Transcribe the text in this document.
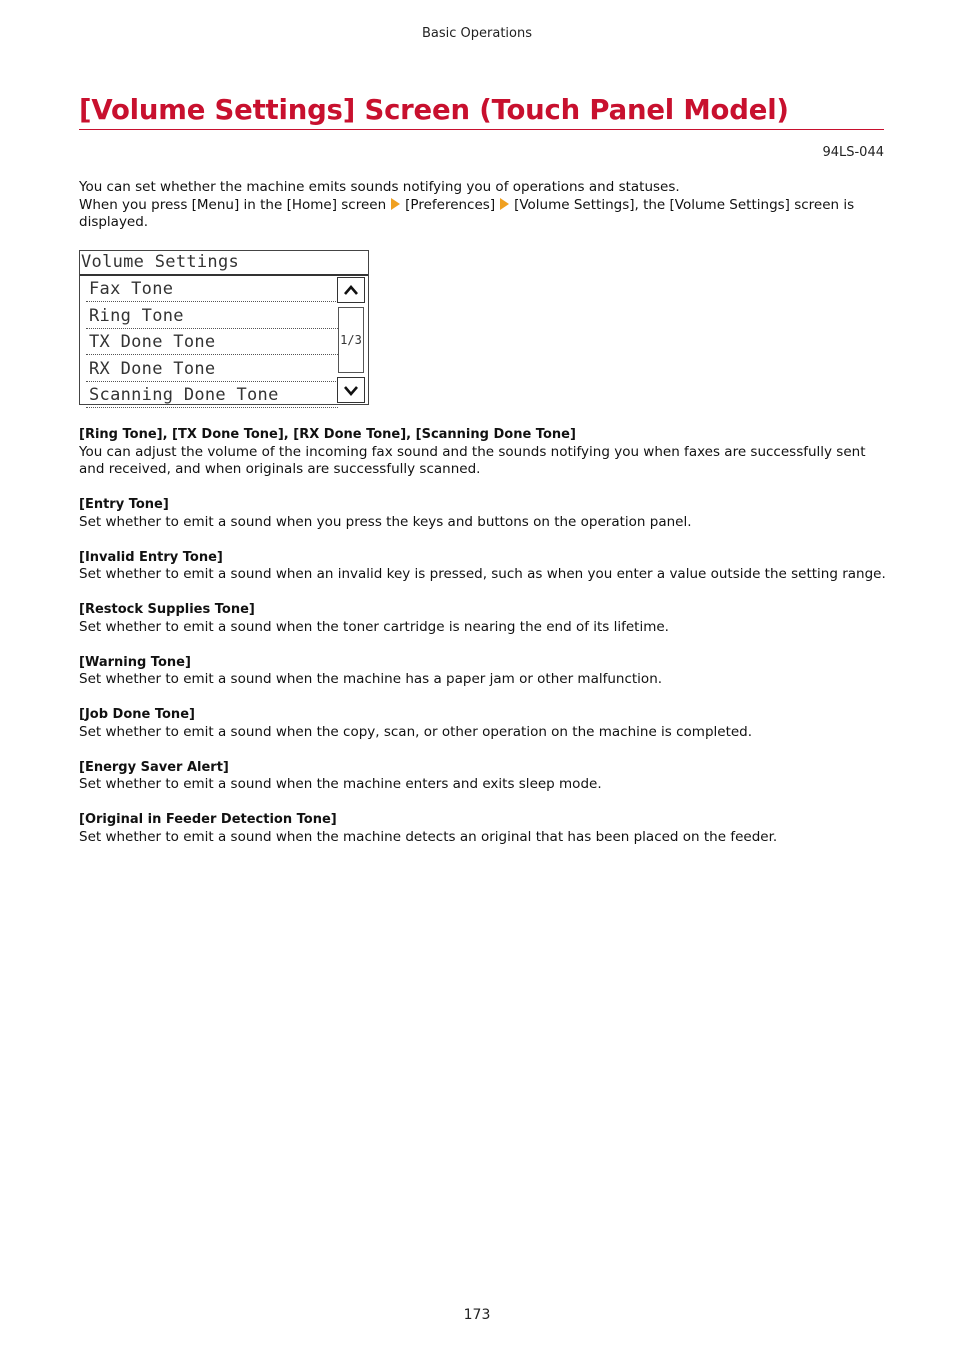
Basic Operations
[Volume Settings] Screen (Touch Panel Model)
94LS-044

You can set whether the machine emits sounds notifying you of operations and statuses.

When you press [Menu] in the [Home] screen [Preferences] [Volume Settings], the [Volume Settings] screen is displayed.

Volume Settings
Fax Tone
Ring Tone
TX Done Tone
RX Done Tone
Scanning Done Tone
1/3

[Ring Tone], [TX Done Tone], [RX Done Tone], [Scanning Done Tone]

You can adjust the volume of the incoming fax sound and the sounds notifying you when faxes are successfully sent and received, and when originals are successfully scanned.

[Entry Tone]

Set whether to emit a sound when you press the keys and buttons on the operation panel.

[Invalid Entry Tone]

Set whether to emit a sound when an invalid key is pressed, such as when you enter a value outside the setting range.

[Restock Supplies Tone]

Set whether to emit a sound when the toner cartridge is nearing the end of its lifetime.

[Warning Tone]

Set whether to emit a sound when the machine has a paper jam or other malfunction.

[Job Done Tone]

Set whether to emit a sound when the copy, scan, or other operation on the machine is completed.

[Energy Saver Alert]

Set whether to emit a sound when the machine enters and exits sleep mode.

[Original in Feeder Detection Tone]

Set whether to emit a sound when the machine detects an original that has been placed on the feeder.

173
